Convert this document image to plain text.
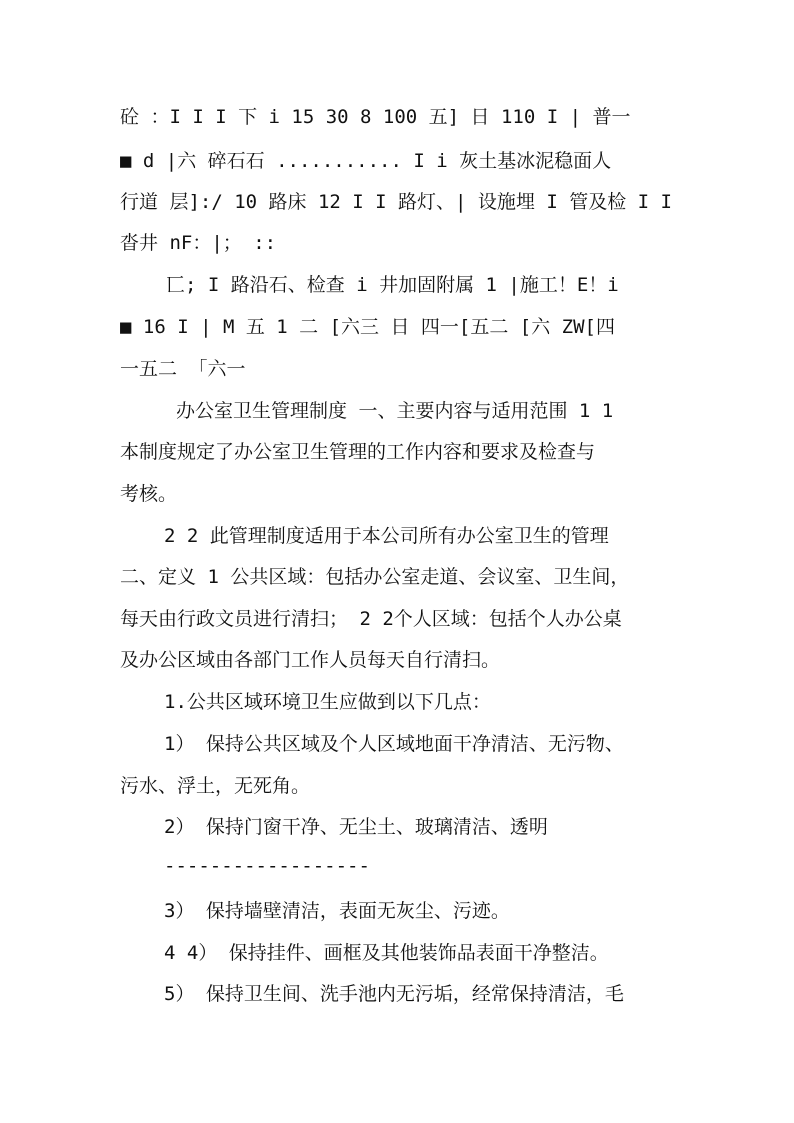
砼 ：I I I 下 i 15 30 8 100 五] 日 110 I | 普一
■ d |六 碎石石 ........... I i 灰土基冰泥稳面人
行道 层]:/ 10 路床 12 I I 路灯、| 设施埋 I 管及检 I I
沓井 nF：|； ::
匸; I 路沿石、检查 i 井加固附属 1 |施工！E！i
■ 16 I | M 五 1 二 [六三 日 四一[五二 [六 ZW[四
一五二 「六一
办公室卫生管理制度 一、主要内容与适用范围 1 1
本制度规定了办公室卫生管理的工作内容和要求及检查与
考核。
2 2 此管理制度适用于本公司所有办公室卫生的管理
二、定义 1 公共区域：包括办公室走道、会议室、卫生间，
每天由行政文员进行清扫； 2 2个人区域：包括个人办公桌
及办公区域由各部门工作人员每天自行清扫。
1.公共区域环境卫生应做到以下几点：
1） 保持公共区域及个人区域地面干净清洁、无污物、
污水、浮土，无死角。
2） 保持门窗干净、无尘土、玻璃清洁、透明
------------------
3） 保持墙壁清洁，表面无灰尘、污迹。
4 4） 保持挂件、画框及其他装饰品表面干净整洁。
5） 保持卫生间、洗手池内无污垢，经常保持清洁，毛
